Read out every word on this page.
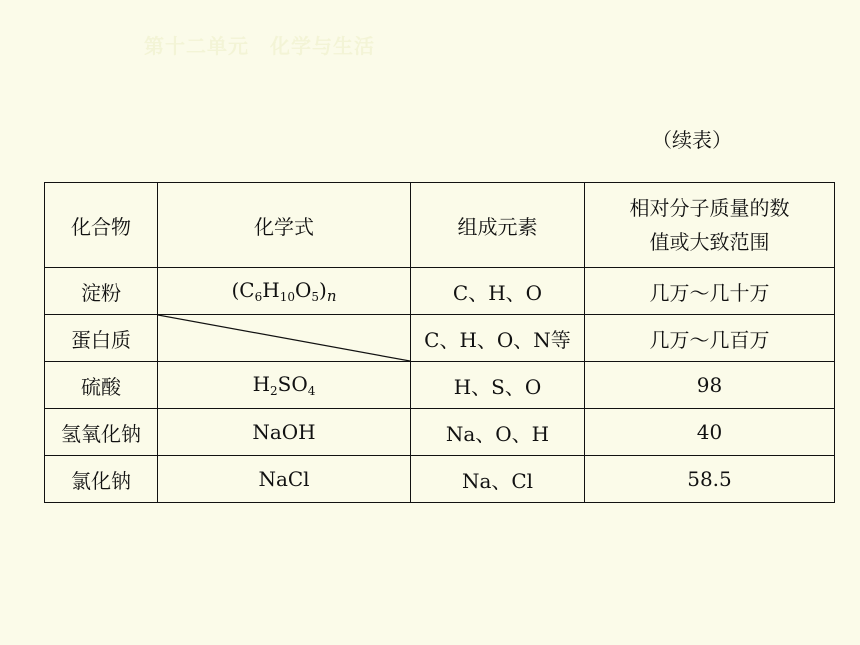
第十二单元　化学与生活
（续表）
化合物	化学式	组成元素	相对分子质量的数
值或大致范围

淀粉	$(C_6H_{10}O_5)_n$	C、H、O	几万～几十万
蛋白质		C、H、O、N等	几万～几百万
硫酸	$H_2SO_4$	H、S、O	98
氢氧化钠	NaOH	Na、O、H	40
氯化钠	NaCl	Na、Cl	58.5
